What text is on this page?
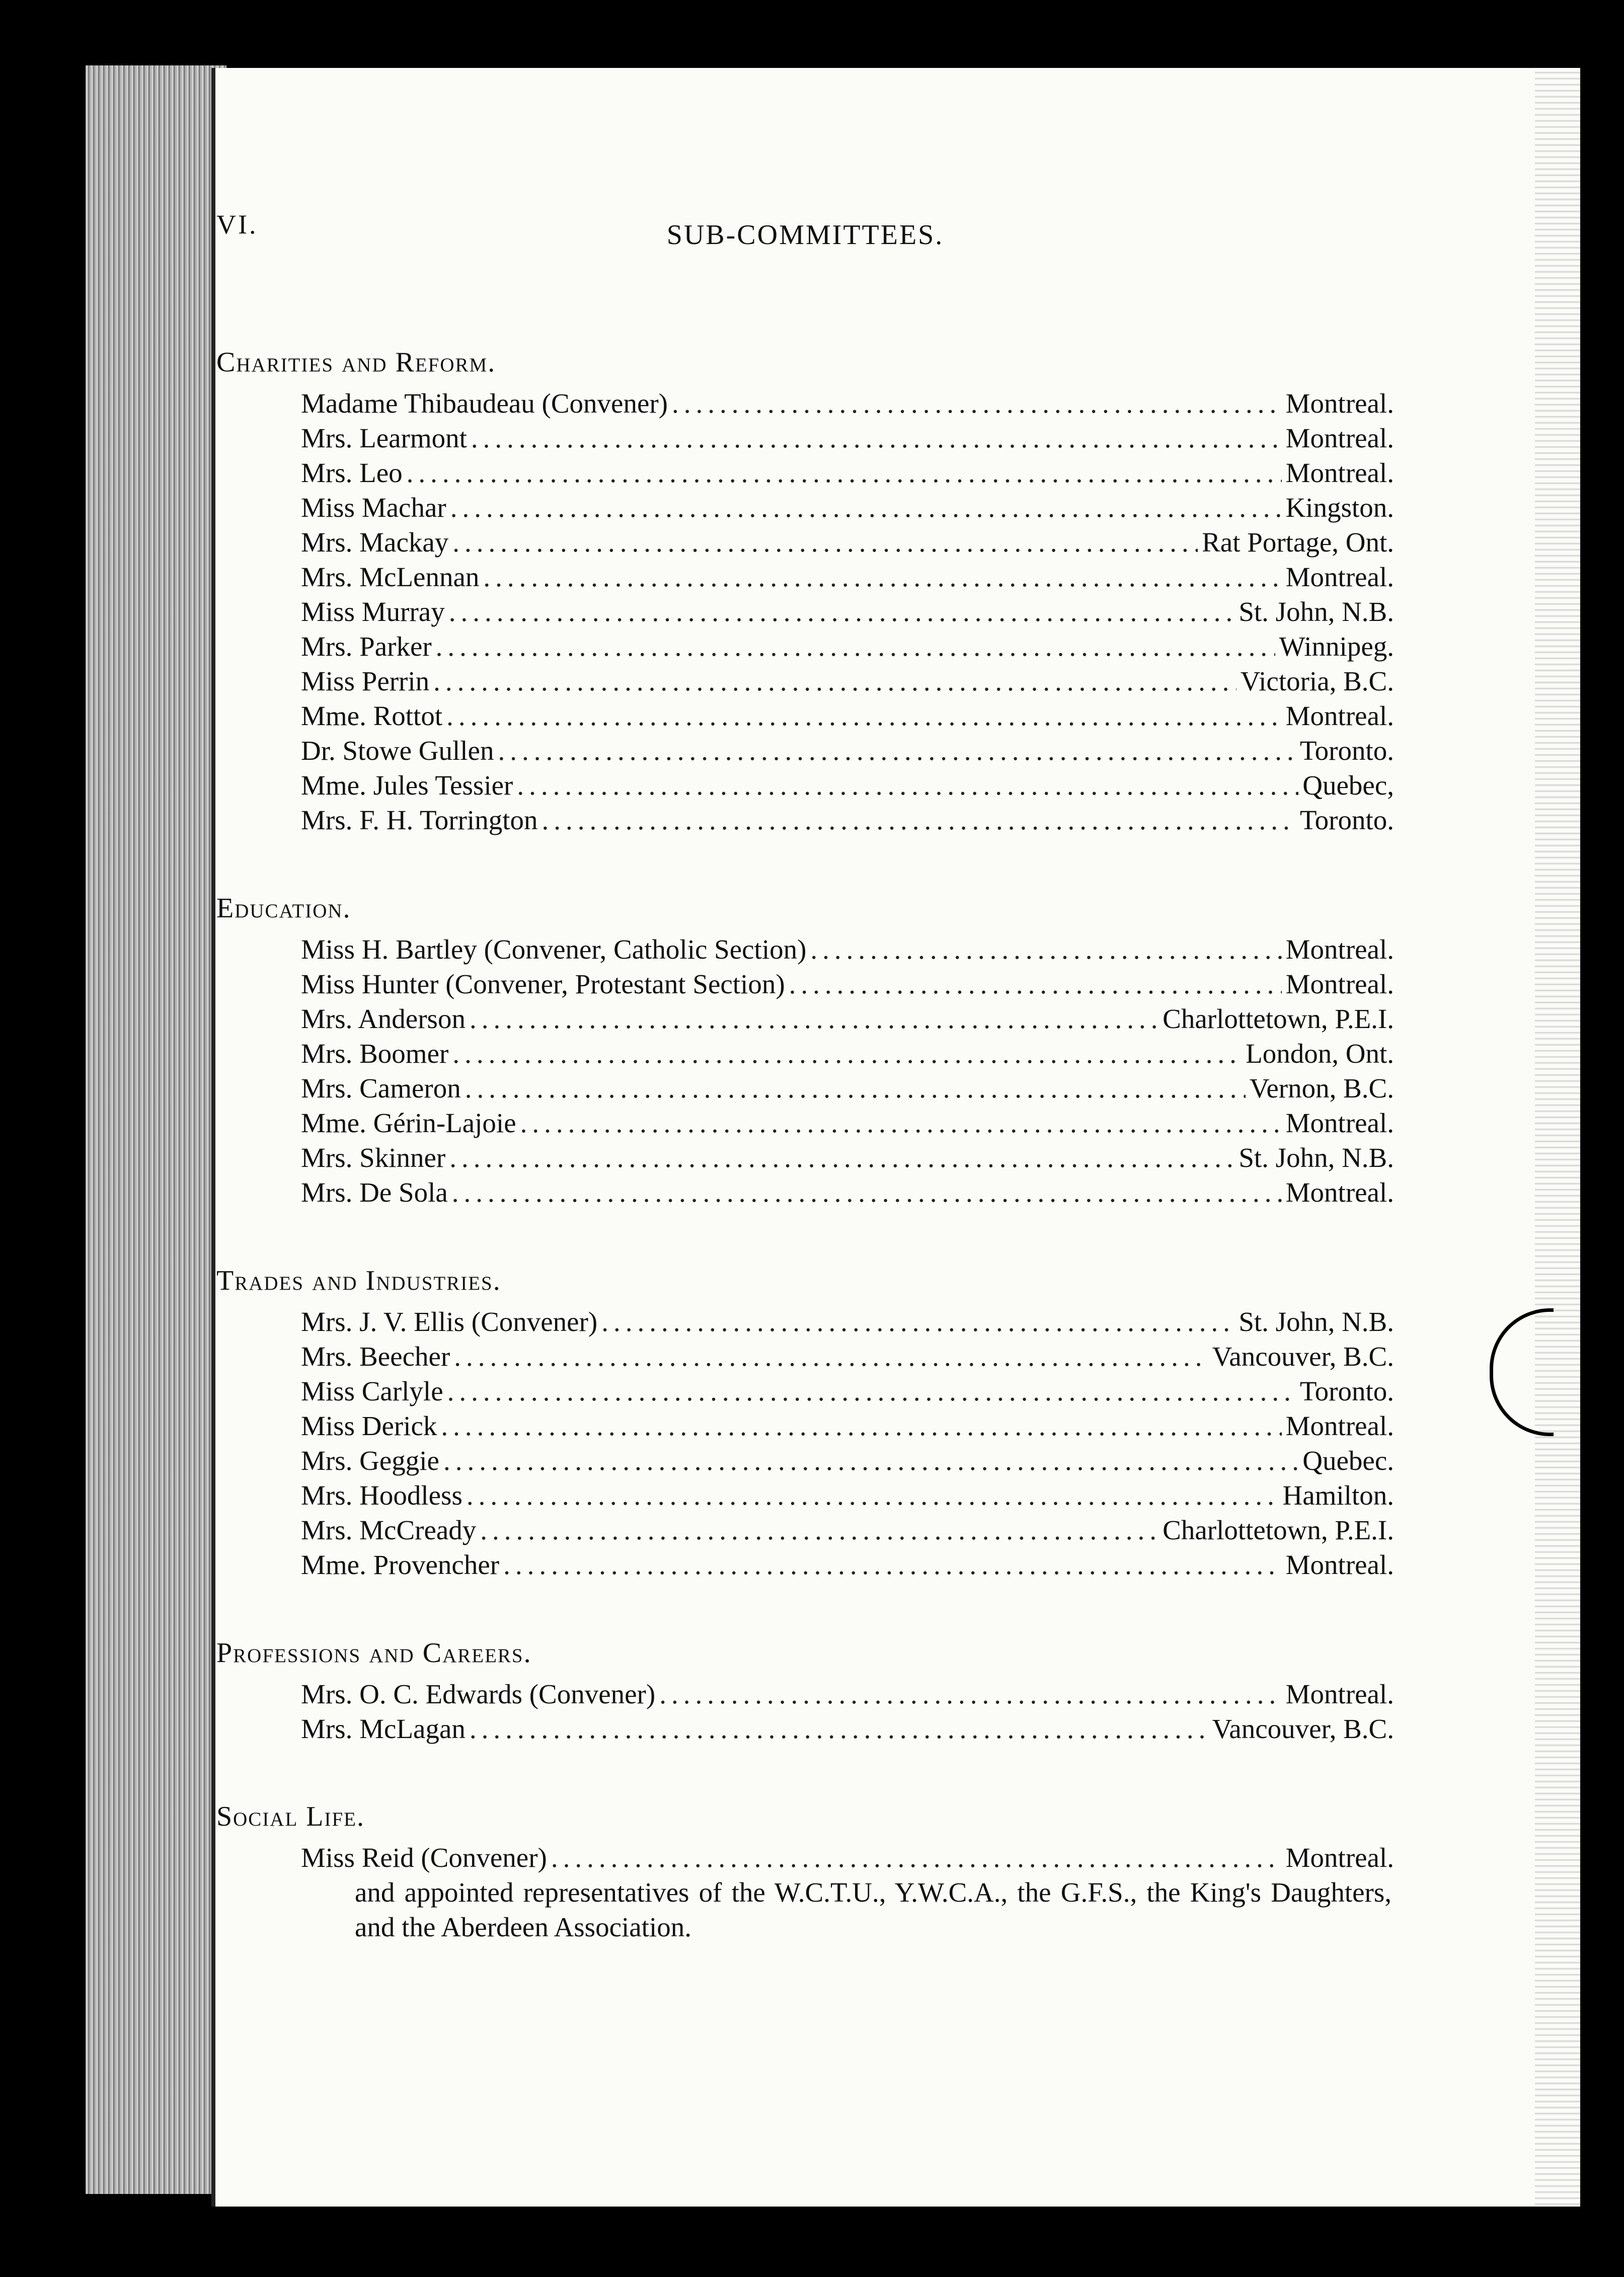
VI.	SUB-COMMITTEES.
Charities and Reform.
Madame Thibaudeau (Convener) .....	Montreal.
Mrs. Learmont .....	Montreal.
Mrs. Leo .....	Montreal.
Miss Machar .....	Kingston.
Mrs. Mackay .....	Rat Portage, Ont.
Mrs. McLennan .....	Montreal.
Miss Murray .....	St. John, N.B.
Mrs. Parker .....	Winnipeg.
Miss Perrin .....	Victoria, B.C.
Mme. Rottot .....	Montreal.
Dr. Stowe Gullen .....	Toronto.
Mme. Jules Tessier .....	Quebec,
Mrs. F. H. Torrington .....	Toronto.
Education.
Miss H. Bartley (Convener, Catholic Section) .....	Montreal.
Miss Hunter (Convener, Protestant Section) .....	Montreal.
Mrs. Anderson .....	Charlottetown, P.E.I.
Mrs. Boomer .....	London, Ont.
Mrs. Cameron .....	Vernon, B.C.
Mme. Gérin-Lajoie .....	Montreal.
Mrs. Skinner .....	St. John, N.B.
Mrs. De Sola .....	Montreal.
Trades and Industries.
Mrs. J. V. Ellis (Convener) .....	St. John, N.B.
Mrs. Beecher .....	Vancouver, B.C.
Miss Carlyle .....	Toronto.
Miss Derick .....	Montreal.
Mrs. Geggie .....	Quebec.
Mrs. Hoodless .....	Hamilton.
Mrs. McCready .....	Charlottetown, P.E.I.
Mme. Provencher .....	Montreal.
Professions and Careers.
Mrs. O. C. Edwards (Convener) .....	Montreal.
Mrs. McLagan .....	Vancouver, B.C.
Social Life.
Miss Reid (Convener) .....	Montreal.
and appointed representatives of the W.C.T.U., Y.W.C.A., the G.F.S., the King's Daughters, and the Aberdeen Association.
